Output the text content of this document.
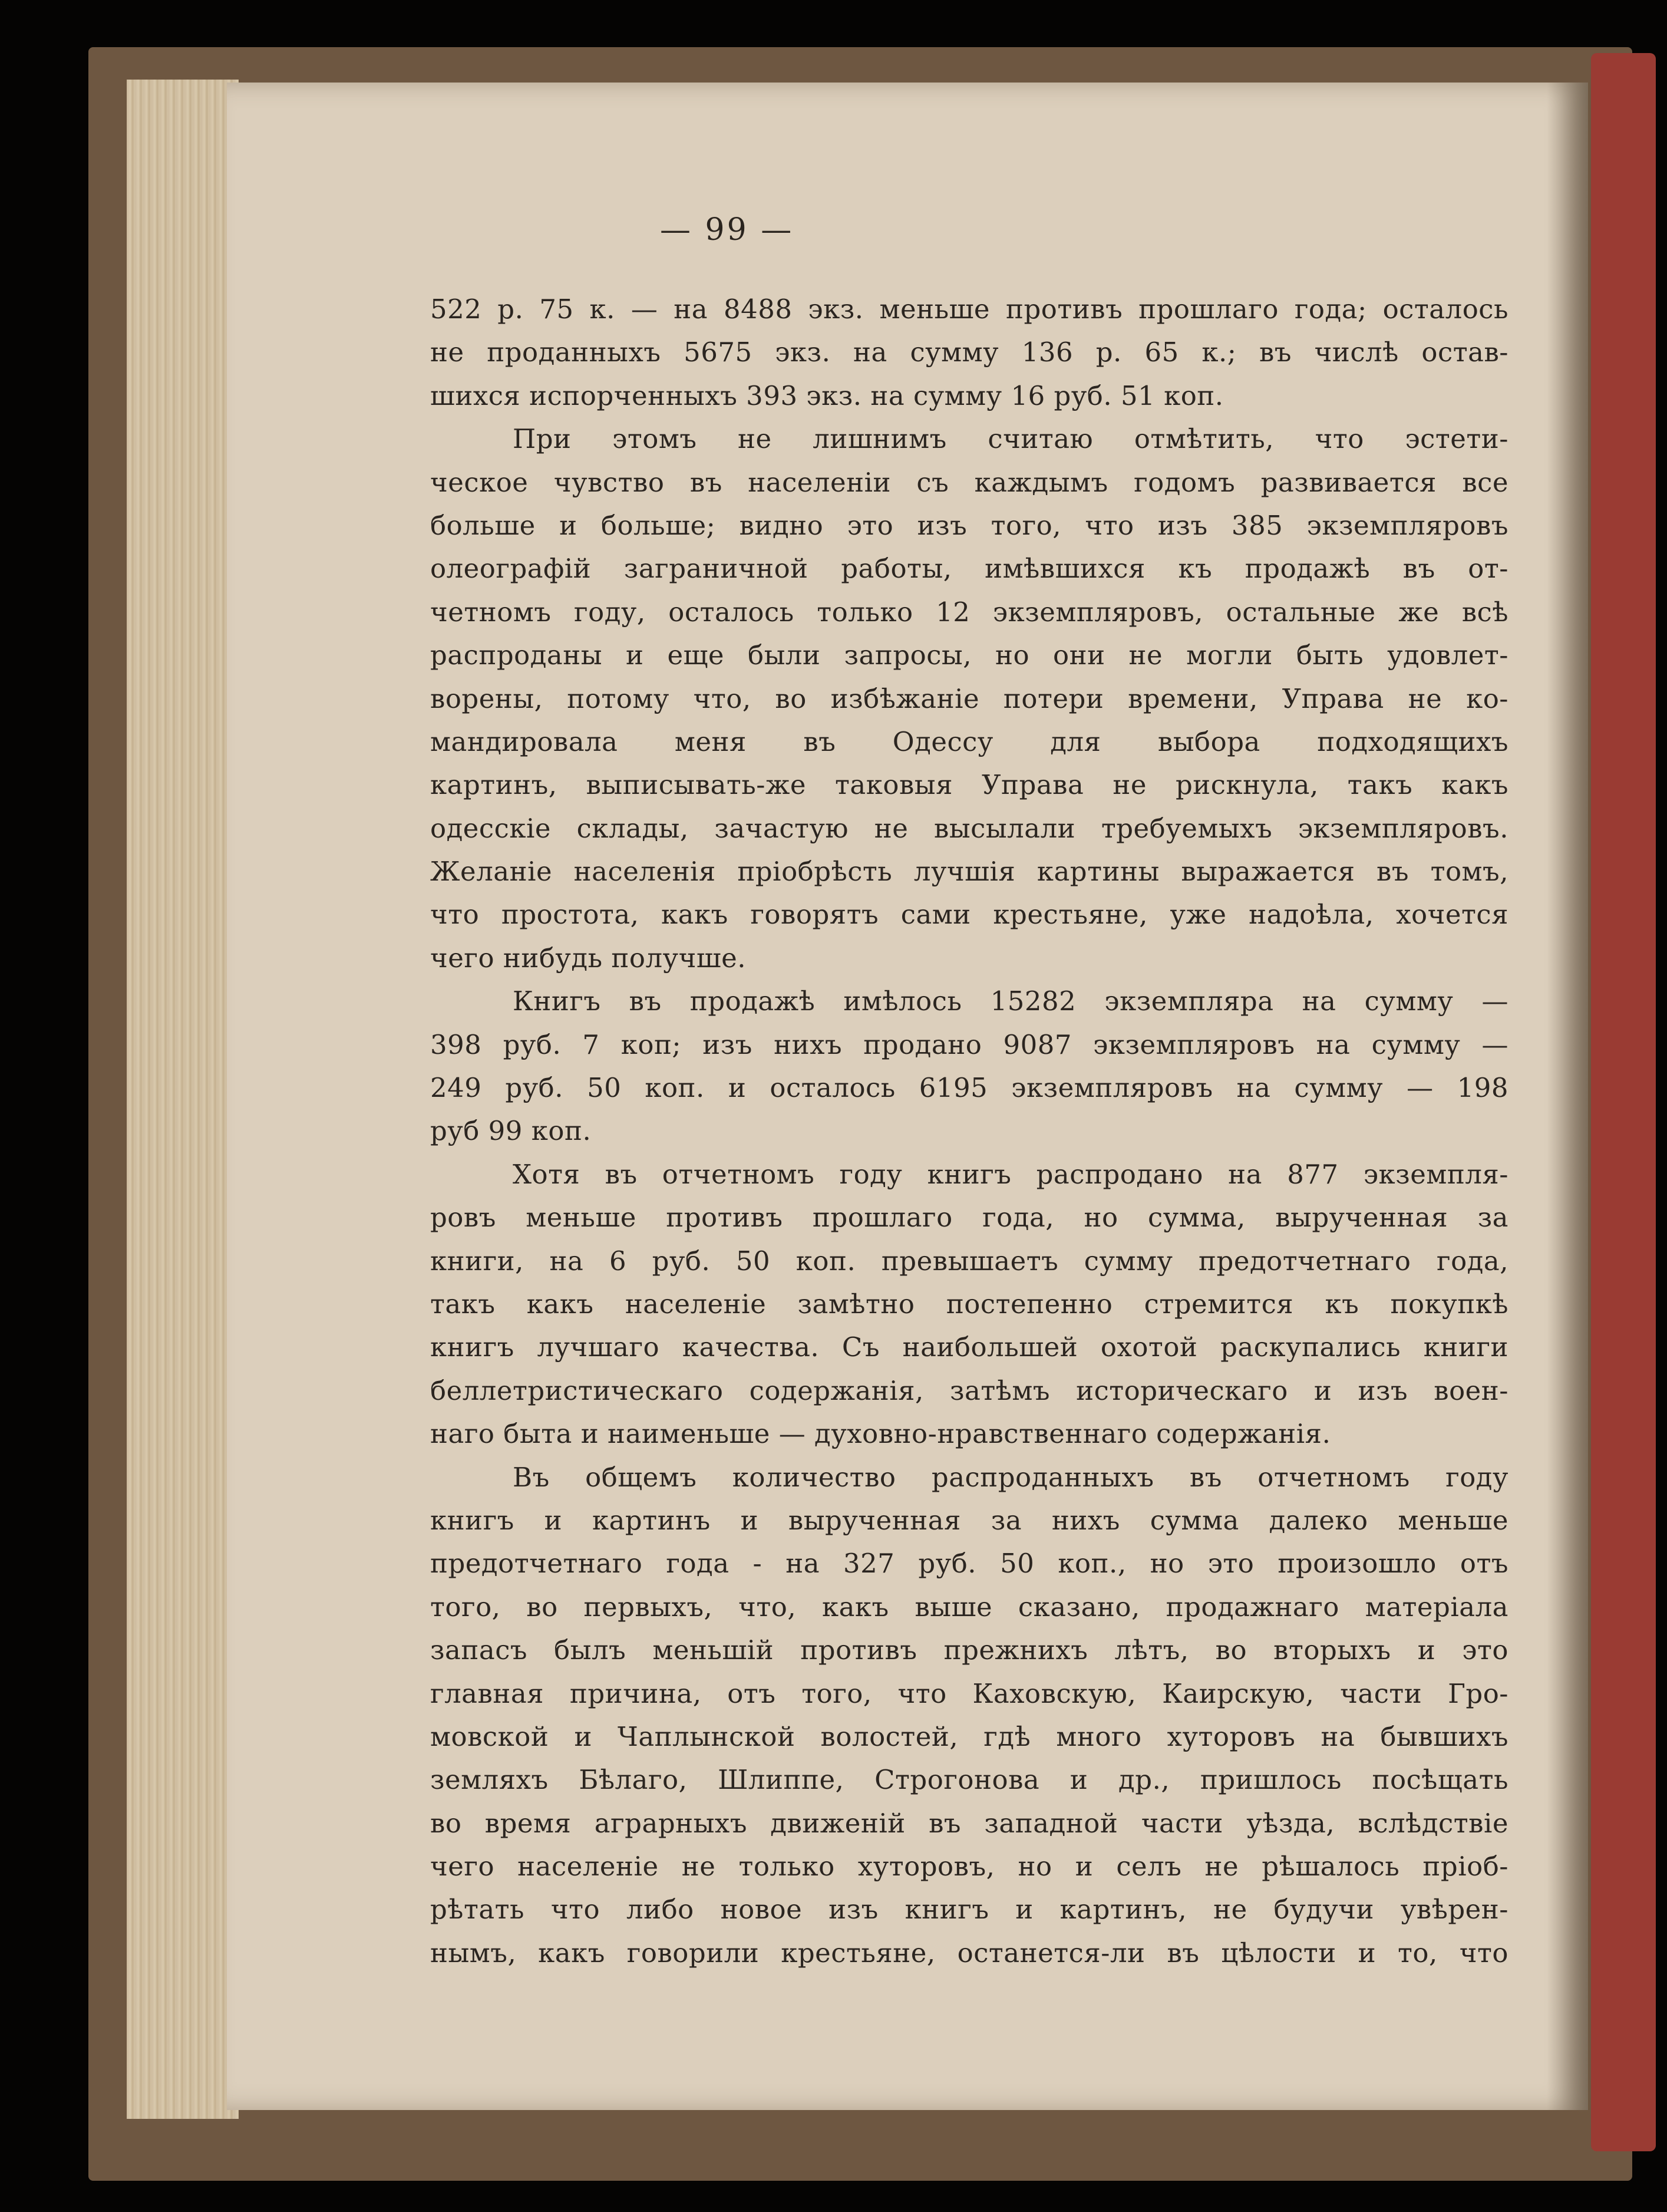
— 99 —
522 р. 75 к. — на 8488 экз. меньше противъ прошлаго года; осталось
не проданныхъ 5675 экз. на сумму 136 р. 65 к.; въ числѣ остав-
шихся испорченныхъ 393 экз. на сумму 16 руб. 51 коп.
При этомъ не лишнимъ считаю отмѣтить, что эстети-
ческое чувство въ населеніи съ каждымъ годомъ развивается все
больше и больше; видно это изъ того, что изъ 385 экземпляровъ
олеографій заграничной работы, имѣвшихся къ продажѣ въ от-
четномъ году, осталось только 12 экземпляровъ, остальные же всѣ
распроданы и еще были запросы, но они не могли быть удовлет-
ворены, потому что, во избѣжаніе потери времени, Управа не ко-
мандировала меня въ Одессу для выбора подходящихъ
картинъ, выписывать-же таковыя Управа не рискнула, такъ какъ
одесскіе склады, зачастую не высылали требуемыхъ экземпляровъ.
Желаніе населенія пріобрѣсть лучшія картины выражается въ томъ,
что простота, какъ говорятъ сами крестьяне, уже надоѣла, хочется
чего нибудь получше.
Книгъ въ продажѣ имѣлось 15282 экземпляра на сумму —
398 руб. 7 коп; изъ нихъ продано 9087 экземпляровъ на сумму —
249 руб. 50 коп. и осталось 6195 экземпляровъ на сумму — 198
руб 99 коп.
Хотя въ отчетномъ году книгъ распродано на 877 экземпля-
ровъ меньше противъ прошлаго года, но сумма, вырученная за
книги, на 6 руб. 50 коп. превышаетъ сумму предотчетнаго года,
такъ какъ населеніе замѣтно постепенно стремится къ покупкѣ
книгъ лучшаго качества. Съ наибольшей охотой раскупались книги
беллетристическаго содержанія, затѣмъ историческаго и изъ воен-
наго быта и наименьше — духовно-нравственнаго содержанія.
Въ общемъ количество распроданныхъ въ отчетномъ году
книгъ и картинъ и вырученная за нихъ сумма далеко меньше
предотчетнаго года - на 327 руб. 50 коп., но это произошло отъ
того, во первыхъ, что, какъ выше сказано, продажнаго матеріала
запасъ былъ меньшій противъ прежнихъ лѣтъ, во вторыхъ и это
главная причина, отъ того, что Каховскую, Каирскую, части Гро-
мовской и Чаплынской волостей, гдѣ много хуторовъ на бывшихъ
земляхъ Бѣлаго, Шлиппе, Строгонова и др., пришлось посѣщать
во время аграрныхъ движеній въ западной части уѣзда, вслѣдствіе
чего населеніе не только хуторовъ, но и селъ не рѣшалось пріоб-
рѣтать что либо новое изъ книгъ и картинъ, не будучи увѣрен-
нымъ, какъ говорили крестьяне, останется-ли въ цѣлости и то, что
